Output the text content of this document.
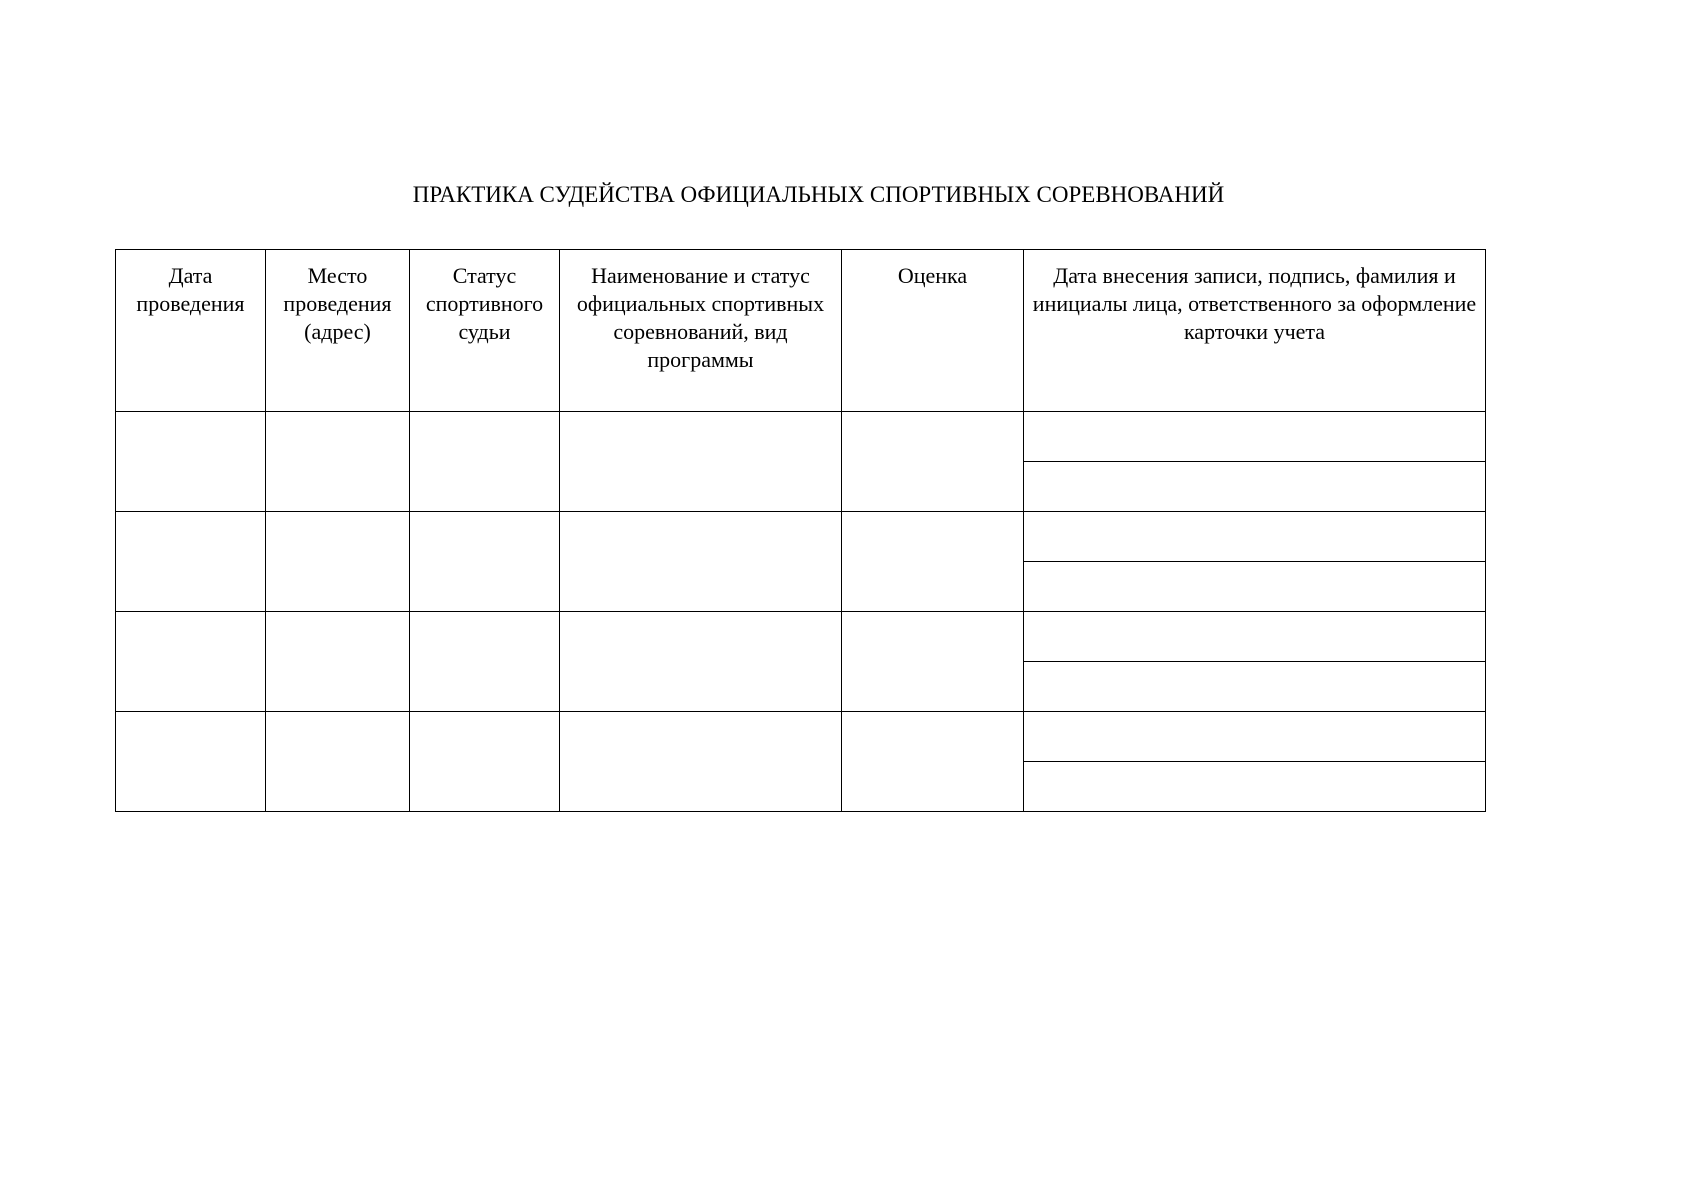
ПРАКТИКА СУДЕЙСТВА ОФИЦИАЛЬНЫХ СПОРТИВНЫХ СОРЕВНОВАНИЙ
Дата проведения	Место проведения (адрес)	Статус спортивного судьи	Наименование и статус официальных спортивных соревнований, вид программы	Оценка	Дата внесения записи, подпись, фамилия и инициалы лица, ответственного за оформление карточки учета
